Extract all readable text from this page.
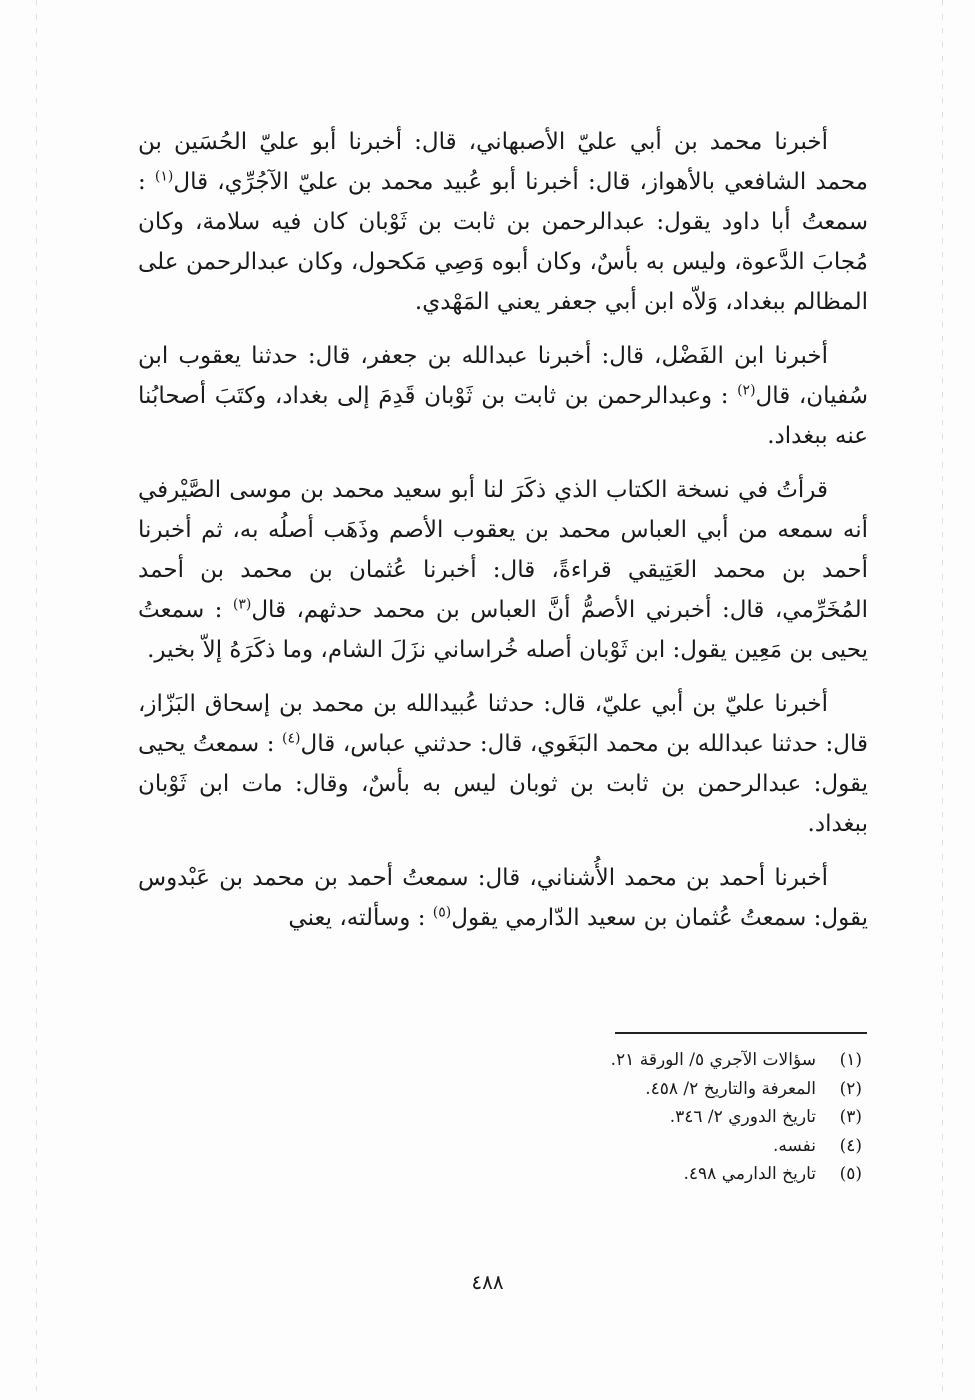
أخبرنا محمد بن أبي عليّ الأصبهاني، قال: أخبرنا أبو عليّ الحُسَين بن محمد الشافعي بالأهواز، قال: أخبرنا أبو عُبيد محمد بن عليّ الآجُرِّي، قال$^{(١)}$ : سمعتُ أبا داود يقول: عبدالرحمن بن ثابت بن ثَوْبان كان فيه سلامة، وكان مُجابَ الدَّعوة، وليس به بأسٌ، وكان أبوه وَصِي مَكحول، وكان عبدالرحمن على المظالم ببغداد، وَلاّه ابن أبي جعفر يعني المَهْدي.

أخبرنا ابن الفَضْل، قال: أخبرنا عبدالله بن جعفر، قال: حدثنا يعقوب ابن سُفيان، قال$^{(٢)}$ : وعبدالرحمن بن ثابت بن ثَوْبان قَدِمَ إلى بغداد، وكتَبَ أصحابُنا عنه ببغداد.

قرأتُ في نسخة الكتاب الذي ذكَرَ لنا أبو سعيد محمد بن موسى الصَّيْرفي أنه سمعه من أبي العباس محمد بن يعقوب الأصم وذَهَب أصلُه به، ثم أخبرنا أحمد بن محمد العَتِيقي قراءةً، قال: أخبرنا عُثمان بن محمد بن أحمد المُخَرِّمي، قال: أخبرني الأصمُّ أنَّ العباس بن محمد حدثهم، قال$^{(٣)}$ : سمعتُ يحيى بن مَعِين يقول: ابن ثَوْبان أصله خُراساني نزَلَ الشام، وما ذكَرَهُ إلاّ بخير.

أخبرنا عليّ بن أبي عليّ، قال: حدثنا عُبيدالله بن محمد بن إسحاق البَزّاز، قال: حدثنا عبدالله بن محمد البَغَوي، قال: حدثني عباس، قال$^{(٤)}$ : سمعتُ يحيى يقول: عبدالرحمن بن ثابت بن ثوبان ليس به بأسٌ، وقال: مات ابن ثَوْبان ببغداد.

أخبرنا أحمد بن محمد الأُشناني، قال: سمعتُ أحمد بن محمد بن عَبْدوس يقول: سمعتُ عُثمان بن سعيد الدّارمي يقول$^{(٥)}$ : وسألته، يعني

(١)
سؤالات الآجري ٥/ الورقة ٢١.
(٢)
المعرفة والتاريخ ٢/ ٤٥٨.
(٣)
تاريخ الدوري ٢/ ٣٤٦.
(٤)
نفسه.
(٥)
تاريخ الدارمي ٤٩٨.
٤٨٨
